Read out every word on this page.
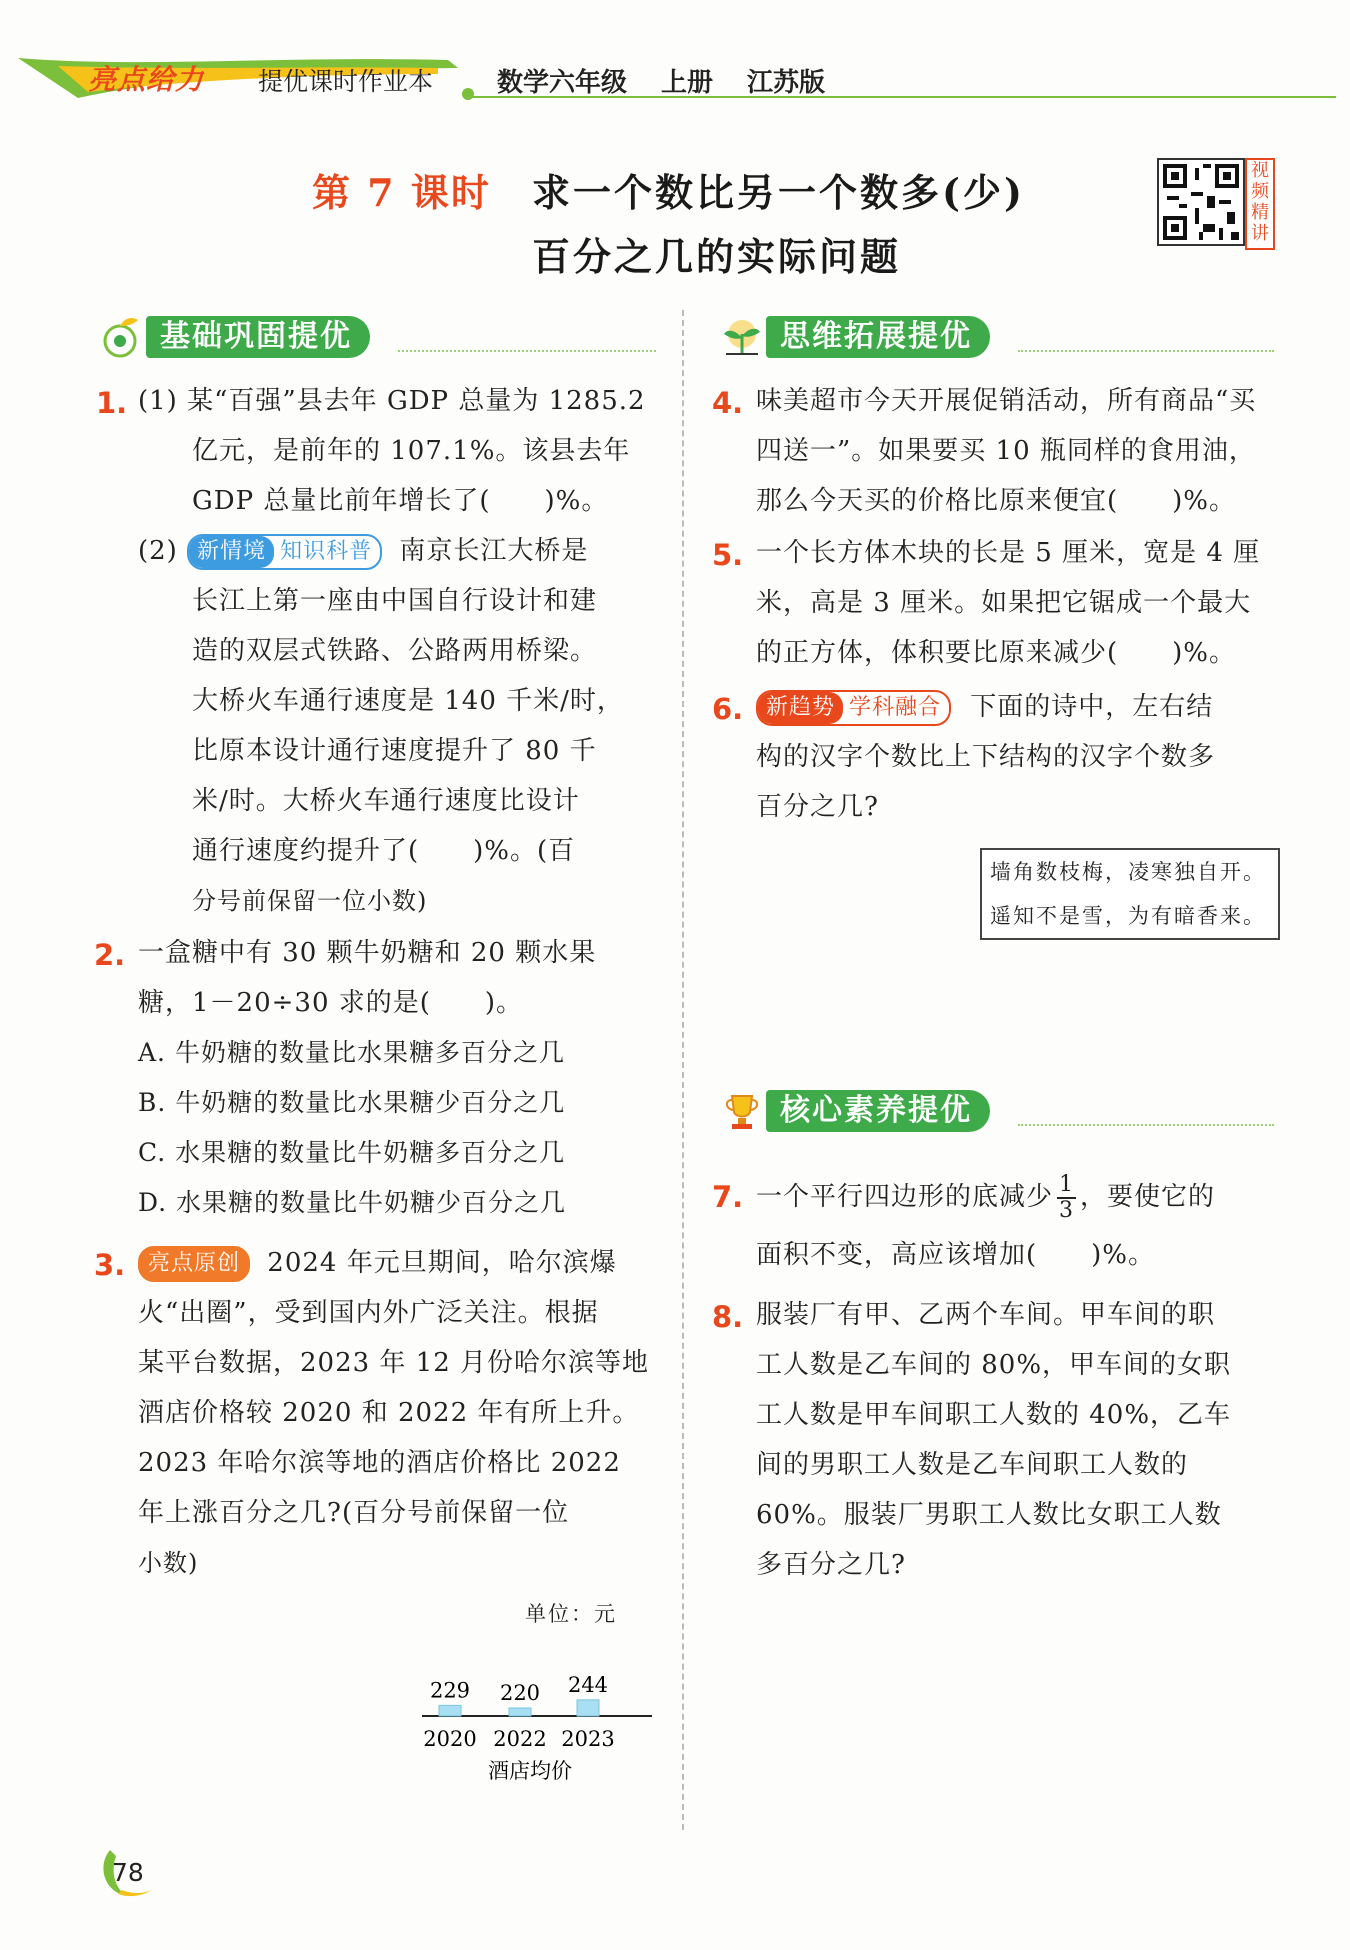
亮点给力 提优课时作业本 数学六年级 上册 江苏版
第 7 课时 求一个数比另一个数多(少)
百分之几的实际问题
视频精讲
基础巩固提优
1. (1) 某“百强”县去年 GDP 总量为 1285.2
亿元，是前年的 107.1%。该县去年
GDP 总量比前年增长了(　　)%。
(2) 新情境 知识科普 南京长江大桥是
长江上第一座由中国自行设计和建
造的双层式铁路、公路两用桥梁。
大桥火车通行速度是 140 千米/时，
比原本设计通行速度提升了 80 千
米/时。大桥火车通行速度比设计
通行速度约提升了(　　)%。(百
分号前保留一位小数)
2. 一盒糖中有 30 颗牛奶糖和 20 颗水果
糖，1－20÷30 求的是(　　)。
A. 牛奶糖的数量比水果糖多百分之几
B. 牛奶糖的数量比水果糖少百分之几
C. 水果糖的数量比牛奶糖多百分之几
D. 水果糖的数量比牛奶糖少百分之几
3.	亮点原创 2024 年元旦期间，哈尔滨爆
火“出圈”，受到国内外广泛关注。根据
某平台数据，2023 年 12 月份哈尔滨等地
酒店价格较 2020 和 2022 年有所上升。
2023 年哈尔滨等地的酒店价格比 2022
年上涨百分之几?(百分号前保留一位
小数)
单位：元
酒店均价
229
2020
220
2022
244
2023
78
思维拓展提优
4. 味美超市今天开展促销活动，所有商品“买
四送一”。如果要买 10 瓶同样的食用油，
那么今天买的价格比原来便宜(　　)%。
5. 一个长方体木块的长是 5 厘米，宽是 4 厘
米，高是 3 厘米。如果把它锯成一个最大
的正方体，体积要比原来减少(　　)%。
6.	新趋势 学科融合 下面的诗中，左右结
构的汉字个数比上下结构的汉字个数多
百分之几?
墙角数枝梅，凌寒独自开。
遥知不是雪，为有暗香来。
核心素养提优
7. 一个平行四边形的底减少 $\frac{1}{3}$ ，要使它的
面积不变，高应该增加(　　)%。
8. 服装厂有甲、乙两个车间。甲车间的职
工人数是乙车间的 80%，甲车间的女职
工人数是甲车间职工人数的 40%，乙车
间的男职工人数是乙车间职工人数的
60%。服装厂男职工人数比女职工人数
多百分之几?
